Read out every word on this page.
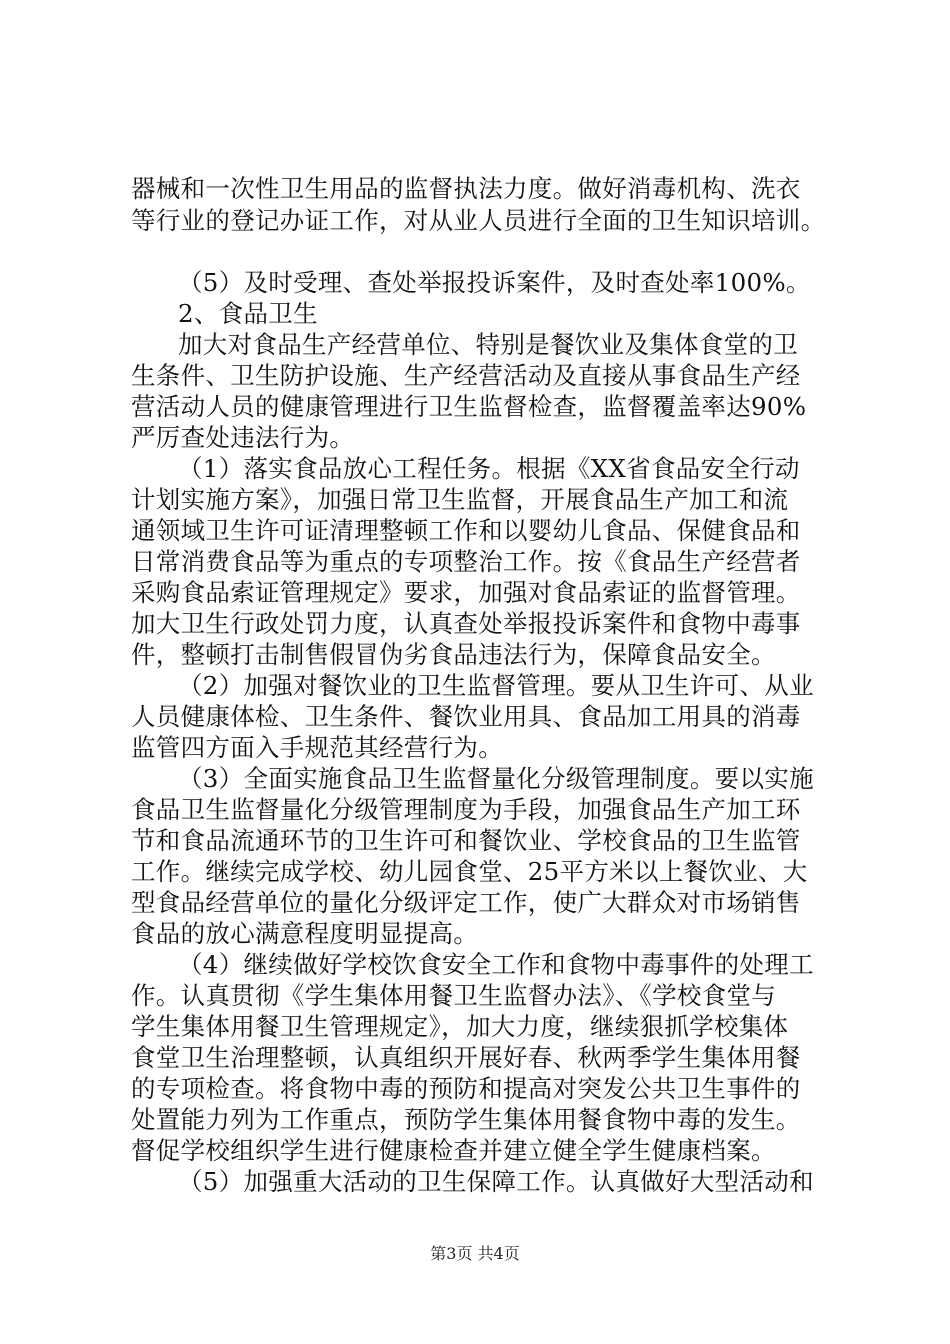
器械和一次性卫生用品的监督执法力度。做好消毒机构、洗衣
等行业的登记办证工作，对从业人员进行全面的卫生知识培训。
（5）及时受理、查处举报投诉案件，及时查处率100%。
2、食品卫生
加大对食品生产经营单位、特别是餐饮业及集体食堂的卫
生条件、卫生防护设施、生产经营活动及直接从事食品生产经
营活动人员的健康管理进行卫生监督检查，监督覆盖率达90%
严厉查处违法行为。
（1）落实食品放心工程任务。根据《XX省食品安全行动
计划实施方案》，加强日常卫生监督，开展食品生产加工和流
通领域卫生许可证清理整顿工作和以婴幼儿食品、保健食品和
日常消费食品等为重点的专项整治工作。按《食品生产经营者
采购食品索证管理规定》要求，加强对食品索证的监督管理。
加大卫生行政处罚力度，认真查处举报投诉案件和食物中毒事
件，整顿打击制售假冒伪劣食品违法行为，保障食品安全。
（2）加强对餐饮业的卫生监督管理。要从卫生许可、从业
人员健康体检、卫生条件、餐饮业用具、食品加工用具的消毒
监管四方面入手规范其经营行为。
（3）全面实施食品卫生监督量化分级管理制度。要以实施
食品卫生监督量化分级管理制度为手段，加强食品生产加工环
节和食品流通环节的卫生许可和餐饮业、学校食品的卫生监管
工作。继续完成学校、幼儿园食堂、25平方米以上餐饮业、大
型食品经营单位的量化分级评定工作，使广大群众对市场销售
食品的放心满意程度明显提高。
（4）继续做好学校饮食安全工作和食物中毒事件的处理工
作。认真贯彻《学生集体用餐卫生监督办法》、《学校食堂与
学生集体用餐卫生管理规定》，加大力度，继续狠抓学校集体
食堂卫生治理整顿，认真组织开展好春、秋两季学生集体用餐
的专项检查。将食物中毒的预防和提高对突发公共卫生事件的
处置能力列为工作重点，预防学生集体用餐食物中毒的发生。
督促学校组织学生进行健康检查并建立健全学生健康档案。
（5）加强重大活动的卫生保障工作。认真做好大型活动和
第3页 共4页
